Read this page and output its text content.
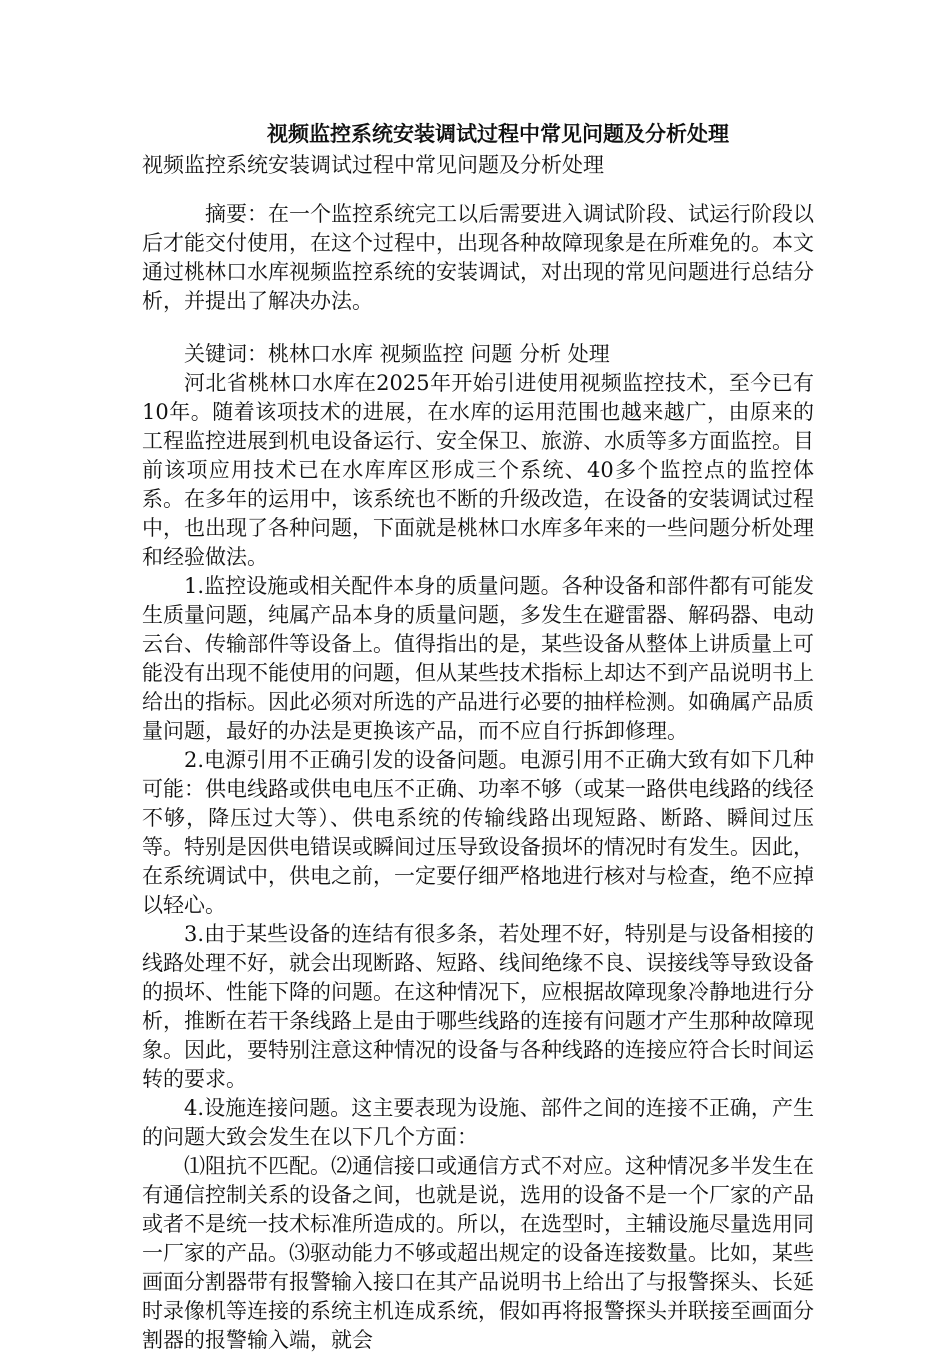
视频监控系统安装调试过程中常见问题及分析处理

视频监控系统安装调试过程中常见问题及分析处理

摘要：在一个监控系统完工以后需要进入调试阶段、试运行阶段以后才能交付使用，在这个过程中，出现各种故障现象是在所难免的。本文通过桃林口水库视频监控系统的安装调试，对出现的常见问题进行总结分析，并提出了解决办法。

关键词：桃林口水库 视频监控 问题 分析 处理

河北省桃林口水库在2025年开始引进使用视频监控技术，至今已有10年。随着该项技术的进展，在水库的运用范围也越来越广，由原来的工程监控进展到机电设备运行、安全保卫、旅游、水质等多方面监控。目前该项应用技术已在水库库区形成三个系统、40多个监控点的监控体系。在多年的运用中，该系统也不断的升级改造，在设备的安装调试过程中，也出现了各种问题，下面就是桃林口水库多年来的一些问题分析处理和经验做法。

1.监控设施或相关配件本身的质量问题。各种设备和部件都有可能发生质量问题，纯属产品本身的质量问题，多发生在避雷器、解码器、电动云台、传输部件等设备上。值得指出的是，某些设备从整体上讲质量上可能没有出现不能使用的问题，但从某些技术指标上却达不到产品说明书上给出的指标。因此必须对所选的产品进行必要的抽样检测。如确属产品质量问题，最好的办法是更换该产品，而不应自行拆卸修理。

2.电源引用不正确引发的设备问题。电源引用不正确大致有如下几种可能：供电线路或供电电压不正确、功率不够（或某一路供电线路的线径不够，降压过大等）、供电系统的传输线路出现短路、断路、瞬间过压等。特别是因供电错误或瞬间过压导致设备损坏的情况时有发生。因此，在系统调试中，供电之前，一定要仔细严格地进行核对与检查，绝不应掉以轻心。

3.由于某些设备的连结有很多条，若处理不好，特别是与设备相接的线路处理不好，就会出现断路、短路、线间绝缘不良、误接线等导致设备的损坏、性能下降的问题。在这种情况下，应根据故障现象冷静地进行分析，推断在若干条线路上是由于哪些线路的连接有问题才产生那种故障现象。因此，要特别注意这种情况的设备与各种线路的连接应符合长时间运转的要求。

4.设施连接问题。这主要表现为设施、部件之间的连接不正确，产生的问题大致会发生在以下几个方面：

⑴阻抗不匹配。⑵通信接口或通信方式不对应。这种情况多半发生在有通信控制关系的设备之间，也就是说，选用的设备不是一个厂家的产品或者不是统一技术标准所造成的。所以，在选型时，主辅设施尽量选用同一厂家的产品。⑶驱动能力不够或超出规定的设备连接数量。比如，某些画面分割器带有报警输入接口在其产品说明书上给出了与报警探头、长延时录像机等连接的系统主机连成系统，假如再将报警探头并联接至画面分割器的报警输入端，就会
